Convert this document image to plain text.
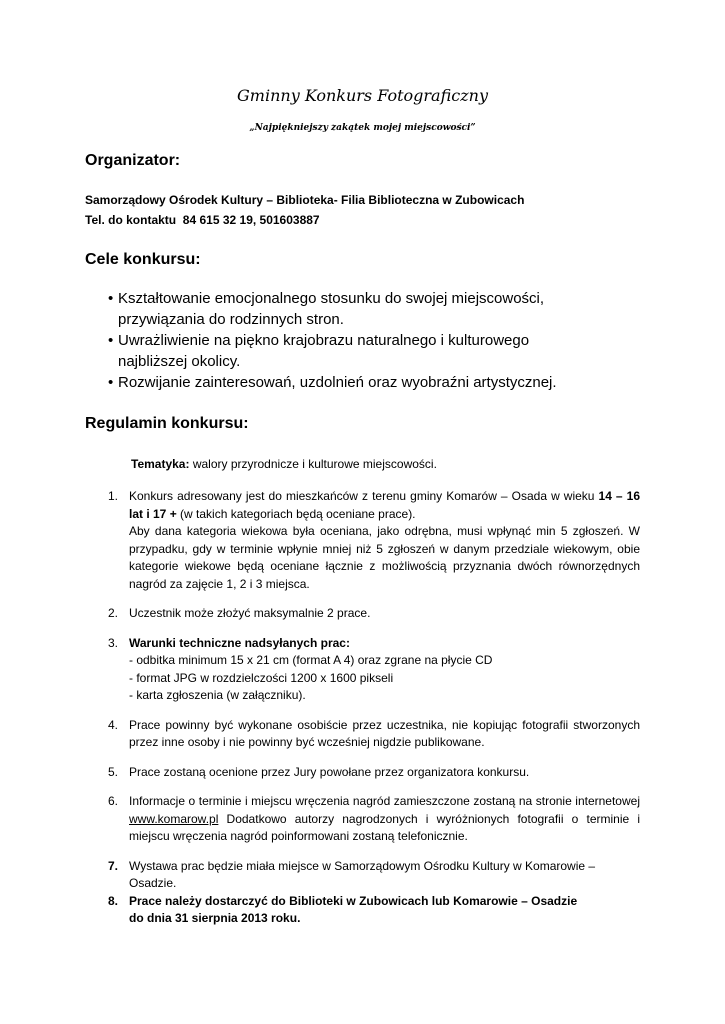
Gminny Konkurs Fotograficzny
„Najpiękniejszy zakątek mojej miejscowości”
Organizator:
Samorządowy Ośrodek Kultury – Biblioteka- Filia Biblioteczna w Zubowicach
Tel. do kontaktu 84 615 32 19, 501603887
Cele konkursu:
• Kształtowanie emocjonalnego stosunku do swojej miejscowości,
przywiązania do rodzinnych stron.
• Uwrażliwienie na piękno krajobrazu naturalnego i kulturowego
najbliższej okolicy.
• Rozwijanie zainteresowań, uzdolnień oraz wyobraźni artystycznej.
Regulamin konkursu:
Tematyka: walory przyrodnicze i kulturowe miejscowości.
1. Konkurs adresowany jest do mieszkańców z terenu gminy Komarów – Osada w wieku 14 – 16 lat i 17 + (w takich kategoriach będą oceniane prace).
Aby dana kategoria wiekowa była oceniana, jako odrębna, musi wpłynąć min 5 zgłoszeń. W przypadku, gdy w terminie wpłynie mniej niż 5 zgłoszeń w danym przedziale wiekowym, obie kategorie wiekowe będą oceniane łącznie z możliwością przyznania dwóch równorzędnych nagród za zajęcie 1, 2 i 3 miejsca.
2. Uczestnik może złożyć maksymalnie 2 prace.
3. Warunki techniczne nadsyłanych prac:
- odbitka minimum 15 x 21 cm (format A 4) oraz zgrane na płycie CD
- format JPG w rozdzielczości 1200 x 1600 pikseli
- karta zgłoszenia (w załączniku).
4. Prace powinny być wykonane osobiście przez uczestnika, nie kopiując fotografii stworzonych przez inne osoby i nie powinny być wcześniej nigdzie publikowane.
5. Prace zostaną ocenione przez Jury powołane przez organizatora konkursu.
6. Informacje o terminie i miejscu wręczenia nagród zamieszczone zostaną na stronie internetowej www.komarow.pl Dodatkowo autorzy nagrodzonych i wyróżnionych fotografii o terminie i miejscu wręczenia nagród poinformowani zostaną telefonicznie.
7. Wystawa prac będzie miała miejsce w Samorządowym Ośrodku Kultury w Komarowie – Osadzie.
8. Prace należy dostarczyć do Biblioteki w Zubowicach lub Komarowie – Osadzie
do dnia 31 sierpnia 2013 roku.
